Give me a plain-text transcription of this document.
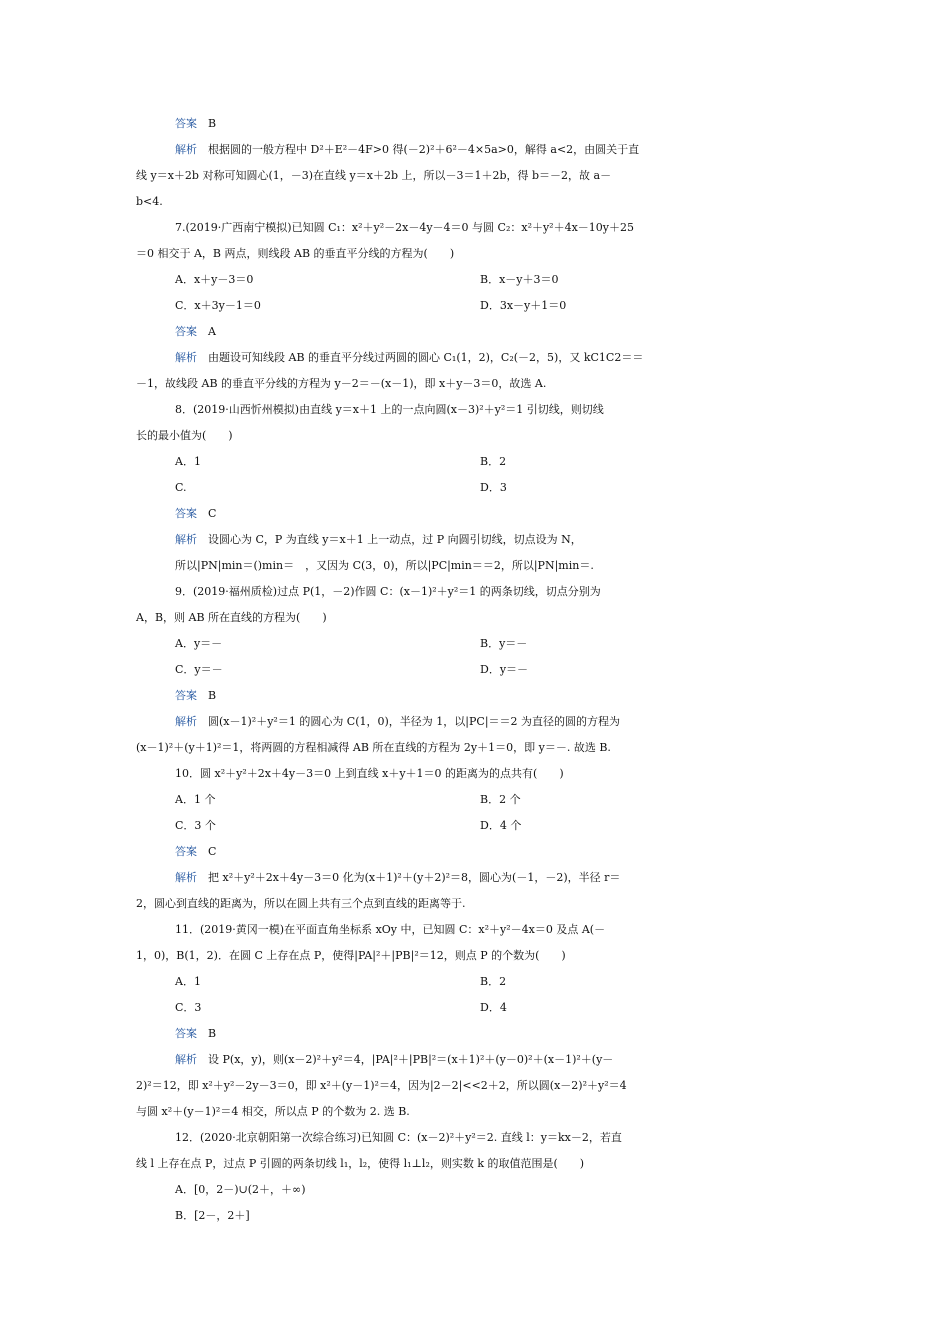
答案　B
解析　根据圆的一般方程中 D²＋E²－4F>0 得(－2)²＋6²－4×5a>0，解得 a<2，由圆关于直
线 y＝x＋2b 对称可知圆心(1，－3)在直线 y＝x＋2b 上，所以－3＝1＋2b，得 b＝－2，故 a－
b<4.
7.(2019·广西南宁模拟)已知圆 C₁：x²＋y²－2x－4y－4＝0 与圆 C₂：x²＋y²＋4x－10y＋25
＝0 相交于 A，B 两点，则线段 AB 的垂直平分线的方程为(　　)
A．x＋y－3＝0	B．x－y＋3＝0
C．x＋3y－1＝0	D．3x－y＋1＝0
答案　A
解析　由题设可知线段 AB 的垂直平分线过两圆的圆心 C₁(1，2)，C₂(－2，5)，又 kC1C2＝＝
－1，故线段 AB 的垂直平分线的方程为 y－2＝－(x－1)，即 x＋y－3＝0，故选 A.
8．(2019·山西忻州模拟)由直线 y＝x＋1 上的一点向圆(x－3)²＋y²＝1 引切线，则切线
长的最小值为(　　)
A．1	B．2
C.	D．3
答案　C
解析　设圆心为 C，P 为直线 y＝x＋1 上一动点，过 P 向圆引切线，切点设为 N，
所以|PN|min＝()min＝　，又因为 C(3，0)，所以|PC|min＝＝2，所以|PN|min＝.
9．(2019·福州质检)过点 P(1，－2)作圆 C：(x－1)²＋y²＝1 的两条切线，切点分别为
A，B，则 AB 所在直线的方程为(　　)
A．y＝－	B．y＝－
C．y＝－	D．y＝－
答案　B
解析　圆(x－1)²＋y²＝1 的圆心为 C(1，0)，半径为 1，以|PC|＝＝2 为直径的圆的方程为
(x－1)²＋(y＋1)²＝1，将两圆的方程相减得 AB 所在直线的方程为 2y＋1＝0，即 y＝－. 故选 B.
10．圆 x²＋y²＋2x＋4y－3＝0 上到直线 x＋y＋1＝0 的距离为的点共有(　　)
A．1 个	B．2 个
C．3 个	D．4 个
答案　C
解析　把 x²＋y²＋2x＋4y－3＝0 化为(x＋1)²＋(y＋2)²＝8，圆心为(－1，－2)，半径 r＝
2，圆心到直线的距离为，所以在圆上共有三个点到直线的距离等于.
11．(2019·黄冈一模)在平面直角坐标系 xOy 中，已知圆 C：x²＋y²－4x＝0 及点 A(－
1，0)，B(1，2)．在圆 C 上存在点 P，使得|PA|²＋|PB|²＝12，则点 P 的个数为(　　)
A．1	B．2
C．3	D．4
答案　B
解析　设 P(x，y)，则(x－2)²＋y²＝4，|PA|²＋|PB|²＝(x＋1)²＋(y－0)²＋(x－1)²＋(y－
2)²＝12，即 x²＋y²－2y－3＝0，即 x²＋(y－1)²＝4，因为|2－2|<<2＋2，所以圆(x－2)²＋y²＝4
与圆 x²＋(y－1)²＝4 相交，所以点 P 的个数为 2. 选 B.
12．(2020·北京朝阳第一次综合练习)已知圆 C：(x－2)²＋y²＝2. 直线 l：y＝kx－2，若直
线 l 上存在点 P，过点 P 引圆的两条切线 l₁，l₂，使得 l₁⊥l₂，则实数 k 的取值范围是(　　)
A．[0，2－)∪(2＋，＋∞)
B．[2－，2＋]
